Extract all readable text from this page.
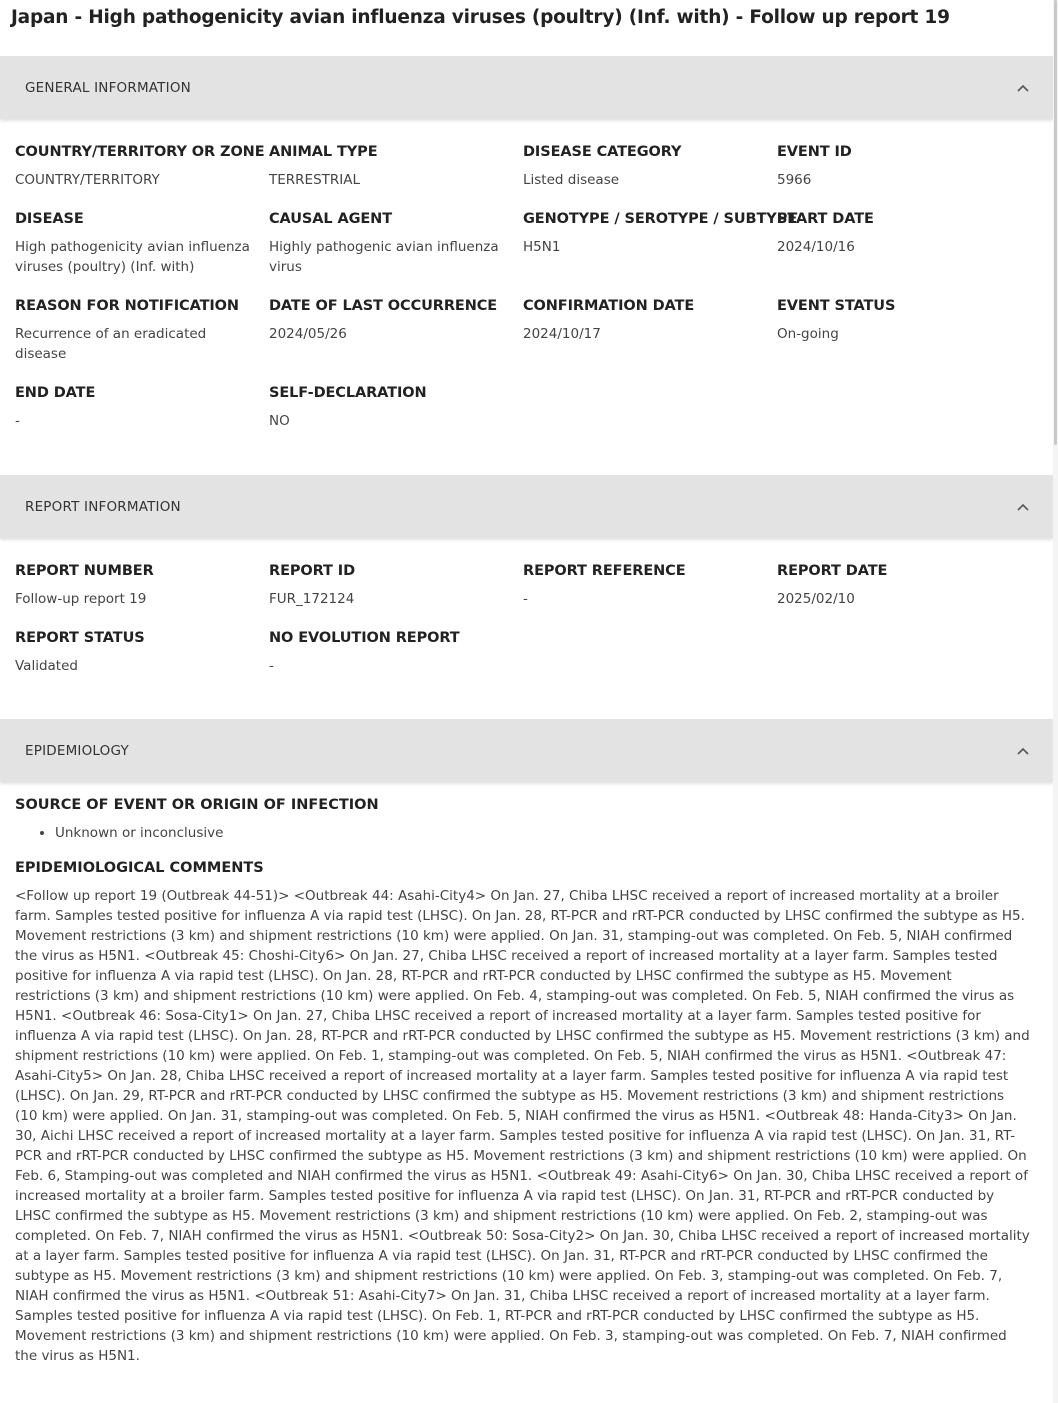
Japan - High pathogenicity avian influenza viruses (poultry) (Inf. with) - Follow up report 19
GENERAL INFORMATION
COUNTRY/TERRITORY OR ZONE
COUNTRY/TERRITORY
ANIMAL TYPE
TERRESTRIAL
DISEASE CATEGORY
Listed disease
EVENT ID
5966
DISEASE
High pathogenicity avian influenza viruses (poultry) (Inf. with)
CAUSAL AGENT
Highly pathogenic avian influenza virus
GENOTYPE / SEROTYPE / SUBTYPE
H5N1
START DATE
2024/10/16
REASON FOR NOTIFICATION
Recurrence of an eradicated disease
DATE OF LAST OCCURRENCE
2024/05/26
CONFIRMATION DATE
2024/10/17
EVENT STATUS
On-going
END DATE
-
SELF-DECLARATION
NO
REPORT INFORMATION
REPORT NUMBER
Follow-up report 19
REPORT ID
FUR_172124
REPORT REFERENCE
-
REPORT DATE
2025/02/10
REPORT STATUS
Validated
NO EVOLUTION REPORT
-
EPIDEMIOLOGY
SOURCE OF EVENT OR ORIGIN OF INFECTION
• Unknown or inconclusive
EPIDEMIOLOGICAL COMMENTS
<Follow up report 19 (Outbreak 44-51)> <Outbreak 44: Asahi-City4> On Jan. 27, Chiba LHSC received a report of increased mortality at a broiler farm. Samples tested positive for influenza A via rapid test (LHSC). On Jan. 28, RT-PCR and rRT-PCR conducted by LHSC confirmed the subtype as H5. Movement restrictions (3 km) and shipment restrictions (10 km) were applied. On Jan. 31, stamping-out was completed. On Feb. 5, NIAH confirmed the virus as H5N1. <Outbreak 45: Choshi-City6> On Jan. 27, Chiba LHSC received a report of increased mortality at a layer farm. Samples tested positive for influenza A via rapid test (LHSC). On Jan. 28, RT-PCR and rRT-PCR conducted by LHSC confirmed the subtype as H5. Movement restrictions (3 km) and shipment restrictions (10 km) were applied. On Feb. 4, stamping-out was completed. On Feb. 5, NIAH confirmed the virus as H5N1. <Outbreak 46: Sosa-City1> On Jan. 27, Chiba LHSC received a report of increased mortality at a layer farm. Samples tested positive for influenza A via rapid test (LHSC). On Jan. 28, RT-PCR and rRT-PCR conducted by LHSC confirmed the subtype as H5. Movement restrictions (3 km) and shipment restrictions (10 km) were applied. On Feb. 1, stamping-out was completed. On Feb. 5, NIAH confirmed the virus as H5N1. <Outbreak 47: Asahi-City5> On Jan. 28, Chiba LHSC received a report of increased mortality at a layer farm. Samples tested positive for influenza A via rapid test (LHSC). On Jan. 29, RT-PCR and rRT-PCR conducted by LHSC confirmed the subtype as H5. Movement restrictions (3 km) and shipment restrictions (10 km) were applied. On Jan. 31, stamping-out was completed. On Feb. 5, NIAH confirmed the virus as H5N1. <Outbreak 48: Handa-City3> On Jan. 30, Aichi LHSC received a report of increased mortality at a layer farm. Samples tested positive for influenza A via rapid test (LHSC). On Jan. 31, RT-PCR and rRT-PCR conducted by LHSC confirmed the subtype as H5. Movement restrictions (3 km) and shipment restrictions (10 km) were applied. On Feb. 6, Stamping-out was completed and NIAH confirmed the virus as H5N1. <Outbreak 49: Asahi-City6> On Jan. 30, Chiba LHSC received a report of increased mortality at a broiler farm. Samples tested positive for influenza A via rapid test (LHSC). On Jan. 31, RT-PCR and rRT-PCR conducted by LHSC confirmed the subtype as H5. Movement restrictions (3 km) and shipment restrictions (10 km) were applied. On Feb. 2, stamping-out was completed. On Feb. 7, NIAH confirmed the virus as H5N1. <Outbreak 50: Sosa-City2> On Jan. 30, Chiba LHSC received a report of increased mortality at a layer farm. Samples tested positive for influenza A via rapid test (LHSC). On Jan. 31, RT-PCR and rRT-PCR conducted by LHSC confirmed the subtype as H5. Movement restrictions (3 km) and shipment restrictions (10 km) were applied. On Feb. 3, stamping-out was completed. On Feb. 7, NIAH confirmed the virus as H5N1. <Outbreak 51: Asahi-City7> On Jan. 31, Chiba LHSC received a report of increased mortality at a layer farm. Samples tested positive for influenza A via rapid test (LHSC). On Feb. 1, RT-PCR and rRT-PCR conducted by LHSC confirmed the subtype as H5. Movement restrictions (3 km) and shipment restrictions (10 km) were applied. On Feb. 3, stamping-out was completed. On Feb. 7, NIAH confirmed the virus as H5N1.
